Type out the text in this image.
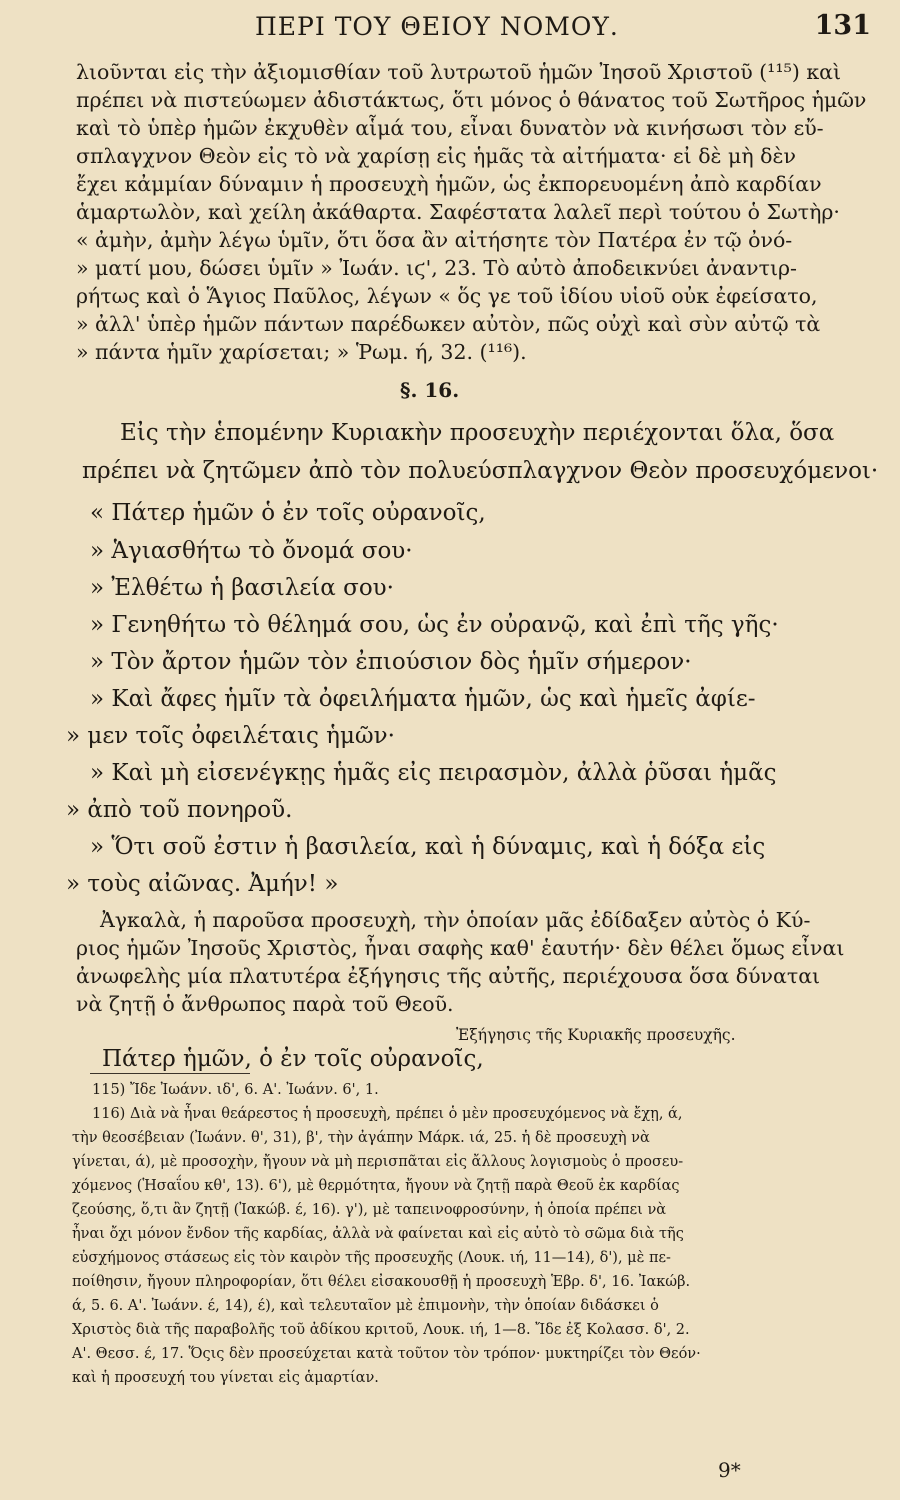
ΠΕΡΙ ΤΟΥ ΘΕΙΟΥ ΝΟΜΟΥ.	131
λιοῦνται εἰς τὴν ἀξιομισθίαν τοῦ λυτρωτοῦ ἡμῶν Ἰησοῦ Χριστοῦ (¹¹⁵) καὶ
πρέπει νὰ πιστεύωμεν ἀδιστάκτως, ὅτι μόνος ὁ θάνατος τοῦ Σωτῆρος ἡμῶν
καὶ τὸ ὑπὲρ ἡμῶν ἐκχυθὲν αἷμά του, εἶναι δυνατὸν νὰ κινήσωσι τὸν εὔ-
σπλαγχνον Θεὸν εἰς τὸ νὰ χαρίσῃ εἰς ἡμᾶς τὰ αἰτήματα· εἰ δὲ μὴ δὲν
ἔχει κἀμμίαν δύναμιν ἡ προσευχὴ ἡμῶν, ὡς ἐκπορευομένη ἀπὸ καρδίαν
ἁμαρτωλὸν, καὶ χείλη ἀκάθαρτα. Σαφέστατα λαλεῖ περὶ τούτου ὁ Σωτὴρ·
« ἀμὴν, ἀμὴν λέγω ὑμῖν, ὅτι ὅσα ἂν αἰτήσητε τὸν Πατέρα ἐν τῷ ὀνό-
» ματί μου, δώσει ὑμῖν » Ἰωάν. ιϛ', 23. Τὸ αὐτὸ ἀποδεικνύει ἀναντιρ-
ρήτως καὶ ὁ Ἅγιος Παῦλος, λέγων « ὅς γε τοῦ ἰδίου υἱοῦ οὐκ ἐφείσατο,
» ἀλλ' ὑπὲρ ἡμῶν πάντων παρέδωκεν αὐτὸν, πῶς οὐχὶ καὶ σὺν αὐτῷ τὰ
» πάντα ἡμῖν χαρίσεται; » Ῥωμ. ή, 32. (¹¹⁶).
§. 16.
Εἰς τὴν ἑπομένην Κυριακὴν προσευχὴν περιέχονται ὅλα, ὅσα
πρέπει νὰ ζητῶμεν ἀπὸ τὸν πολυεύσπλαγχνον Θεὸν προσευχόμενοι·
« Πάτερ ἡμῶν ὁ ἐν τοῖς οὐρανοῖς,
» Ἁγιασθήτω τὸ ὄνομά σου·
» Ἐλθέτω ἡ βασιλεία σου·
» Γενηθήτω τὸ θέλημά σου, ὡς ἐν οὐρανῷ, καὶ ἐπὶ τῆς γῆς·
» Τὸν ἄρτον ἡμῶν τὸν ἐπιούσιον δὸς ἡμῖν σήμερον·
» Καὶ ἄφες ἡμῖν τὰ ὀφειλήματα ἡμῶν, ὡς καὶ ἡμεῖς ἀφίε-
» μεν τοῖς ὀφειλέταις ἡμῶν·
» Καὶ μὴ εἰσενέγκῃς ἡμᾶς εἰς πειρασμὸν, ἀλλὰ ῥῦσαι ἡμᾶς
» ἀπὸ τοῦ πονηροῦ.
» Ὅτι σοῦ ἐστιν ἡ βασιλεία, καὶ ἡ δύναμις, καὶ ἡ δόξα εἰς
» τοὺς αἰῶνας. Ἀμήν! »
Ἀγκαλὰ, ἡ παροῦσα προσευχὴ, τὴν ὁποίαν μᾶς ἐδίδαξεν αὐτὸς ὁ Κύ-
ριος ἡμῶν Ἰησοῦς Χριστὸς, ἦναι σαφὴς καθ' ἑαυτήν· δὲν θέλει ὅμως εἶναι
ἀνωφελὴς μία πλατυτέρα ἐξήγησις τῆς αὐτῆς, περιέχουσα ὅσα δύναται
νὰ ζητῇ ὁ ἄνθρωπος παρὰ τοῦ Θεοῦ.
Ἐξήγησις τῆς Κυριακῆς προσευχῆς.
Πάτερ ἡμῶν, ὁ ἐν τοῖς οὐρανοῖς,
115) Ἴδε Ἰωάνν. ιδ', 6. Α'. Ἰωάνν. 6', 1.
116) Διὰ νὰ ἦναι θεάρεστος ἡ προσευχὴ, πρέπει ὁ μὲν προσευχόμενος νὰ ἔχῃ, ά,
τὴν θεοσέβειαν (Ἰωάνν. θ', 31), β', τὴν ἀγάπην Μάρκ. ιά, 25. ἡ δὲ προσευχὴ νὰ
γίνεται, ά), μὲ προσοχὴν, ἤγουν νὰ μὴ περισπᾶται εἰς ἄλλους λογισμοὺς ὁ προσευ-
χόμενος (Ἡσαΐου κθ', 13). 6'), μὲ θερμότητα, ἤγουν νὰ ζητῇ παρὰ Θεοῦ ἐκ καρδίας
ζεούσης, ὅ,τι ἂν ζητῇ (Ἰακώβ. έ, 16). γ'), μὲ ταπεινοφροσύνην, ἡ ὁποία πρέπει νὰ
ἦναι ὄχι μόνον ἔνδον τῆς καρδίας, ἀλλὰ νὰ φαίνεται καὶ εἰς αὐτὸ τὸ σῶμα διὰ τῆς
εὐσχήμονος στάσεως εἰς τὸν καιρὸν τῆς προσευχῆς (Λουκ. ιή, 11—14), δ'), μὲ πε-
ποίθησιν, ἤγουν πληροφορίαν, ὅτι θέλει εἰσακουσθῇ ἡ προσευχὴ Ἑβρ. δ', 16. Ἰακώβ.
ά, 5. 6. Α'. Ἰωάνν. έ, 14), έ), καὶ τελευταῖον μὲ ἐπιμονὴν, τὴν ὁποίαν διδάσκει ὁ
Χριστὸς διὰ τῆς παραβολῆς τοῦ ἀδίκου κριτοῦ, Λουκ. ιή, 1—8. Ἴδε ἐξ Κολασσ. δ', 2.
Α'. Θεσσ. έ, 17. Ὅςις δὲν προσεύχεται κατὰ τοῦτον τὸν τρόπον· μυκτηρίζει τὸν Θεόν·
καὶ ἡ προσευχή του γίνεται εἰς ἁμαρτίαν.
9*
